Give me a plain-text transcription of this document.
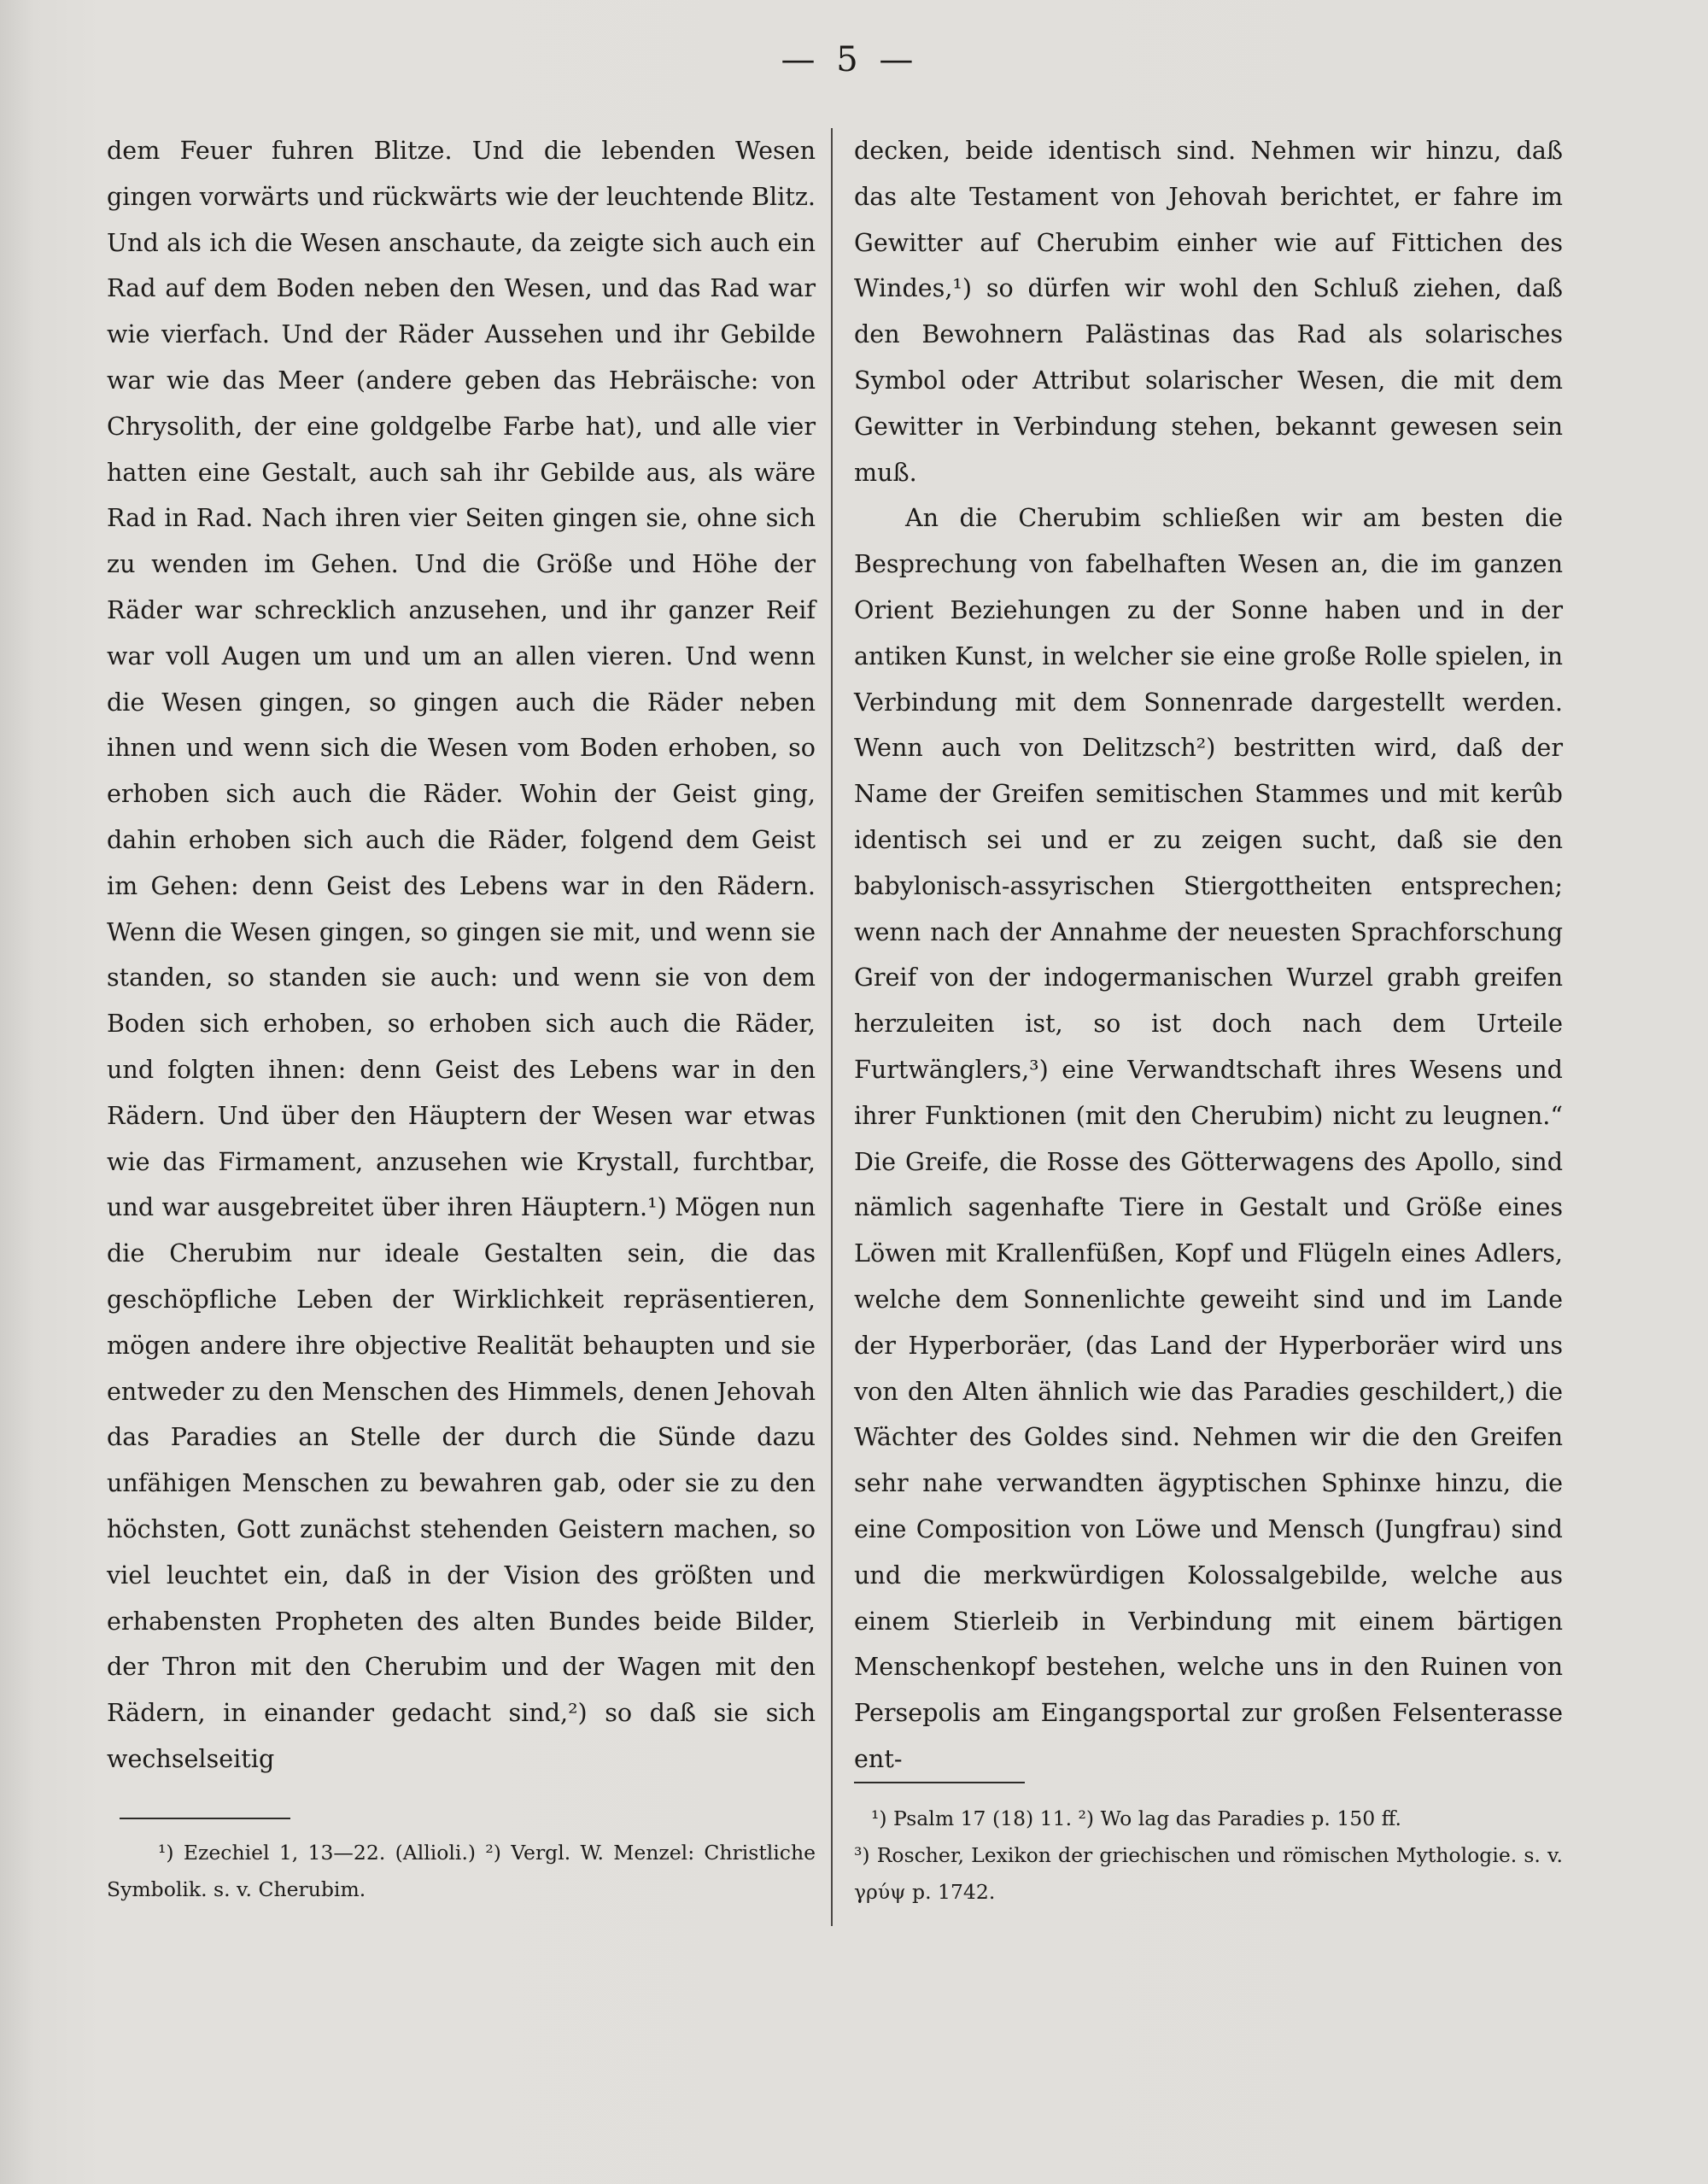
— 5 —

dem Feuer fuhren Blitze. Und die lebenden Wesen gingen vorwärts und rückwärts wie der leuchtende Blitz. Und als ich die Wesen anschaute, da zeigte sich auch ein Rad auf dem Boden neben den Wesen, und das Rad war wie vierfach. Und der Räder Aussehen und ihr Gebilde war wie das Meer (andere geben das Hebräische: von Chrysolith, der eine goldgelbe Farbe hat), und alle vier hatten eine Gestalt, auch sah ihr Gebilde aus, als wäre Rad in Rad. Nach ihren vier Seiten gingen sie, ohne sich zu wenden im Gehen. Und die Größe und Höhe der Räder war schrecklich anzusehen, und ihr ganzer Reif war voll Augen um und um an allen vieren. Und wenn die Wesen gingen, so gingen auch die Räder neben ihnen und wenn sich die Wesen vom Boden erhoben, so erhoben sich auch die Räder. Wohin der Geist ging, dahin erhoben sich auch die Räder, folgend dem Geist im Gehen: denn Geist des Lebens war in den Rädern. Wenn die Wesen gingen, so gingen sie mit, und wenn sie standen, so standen sie auch: und wenn sie von dem Boden sich erhoben, so erhoben sich auch die Räder, und folgten ihnen: denn Geist des Lebens war in den Rädern. Und über den Häuptern der Wesen war etwas wie das Firmament, anzusehen wie Krystall, furchtbar, und war ausgebreitet über ihren Häuptern.¹) Mögen nun die Cherubim nur ideale Gestalten sein, die das geschöpfliche Leben der Wirklichkeit repräsentieren, mögen andere ihre objective Realität behaupten und sie entweder zu den Menschen des Himmels, denen Jehovah das Paradies an Stelle der durch die Sünde dazu unfähigen Menschen zu bewahren gab, oder sie zu den höchsten, Gott zunächst stehenden Geistern machen, so viel leuchtet ein, daß in der Vision des größten und erhabensten Propheten des alten Bundes beide Bilder, der Thron mit den Cherubim und der Wagen mit den Rädern, in einander gedacht sind,²) so daß sie sich wechselseitig

decken, beide identisch sind. Nehmen wir hinzu, daß das alte Testament von Jehovah berichtet, er fahre im Gewitter auf Cherubim einher wie auf Fittichen des Windes,¹) so dürfen wir wohl den Schluß ziehen, daß den Bewohnern Palästinas das Rad als solarisches Symbol oder Attribut solarischer Wesen, die mit dem Gewitter in Verbindung stehen, bekannt gewesen sein muß.

An die Cherubim schließen wir am besten die Besprechung von fabelhaften Wesen an, die im ganzen Orient Beziehungen zu der Sonne haben und in der antiken Kunst, in welcher sie eine große Rolle spielen, in Verbindung mit dem Sonnenrade dargestellt werden. Wenn auch von Delitzsch²) bestritten wird, daß der Name der Greifen semitischen Stammes und mit kerûb identisch sei und er zu zeigen sucht, daß sie den babylonisch-assyrischen Stiergottheiten entsprechen; wenn nach der Annahme der neuesten Sprachforschung Greif von der indogermanischen Wurzel grabh greifen herzuleiten ist, so ist doch nach dem Urteile Furtwänglers,³) eine Verwandtschaft ihres Wesens und ihrer Funktionen (mit den Cherubim) nicht zu leugnen.“ Die Greife, die Rosse des Götterwagens des Apollo, sind nämlich sagenhafte Tiere in Gestalt und Größe eines Löwen mit Krallenfüßen, Kopf und Flügeln eines Adlers, welche dem Sonnenlichte geweiht sind und im Lande der Hyperboräer, (das Land der Hyperboräer wird uns von den Alten ähnlich wie das Paradies geschildert,) die Wächter des Goldes sind. Nehmen wir die den Greifen sehr nahe verwandten ägyptischen Sphinxe hinzu, die eine Composition von Löwe und Mensch (Jungfrau) sind und die merkwürdigen Kolossalgebilde, welche aus einem Stierleib in Verbindung mit einem bärtigen Menschenkopf bestehen, welche uns in den Ruinen von Persepolis am Eingangsportal zur großen Felsenterasse ent-

¹) Ezechiel 1, 13—22. (Allioli.) ²) Vergl. W. Menzel: Christliche Symbolik. s. v. Cherubim.

¹) Psalm 17 (18) 11. ²) Wo lag das Paradies p. 150 ff.

³) Roscher, Lexikon der griechischen und römischen Mythologie. s. v. γρύψ p. 1742.
